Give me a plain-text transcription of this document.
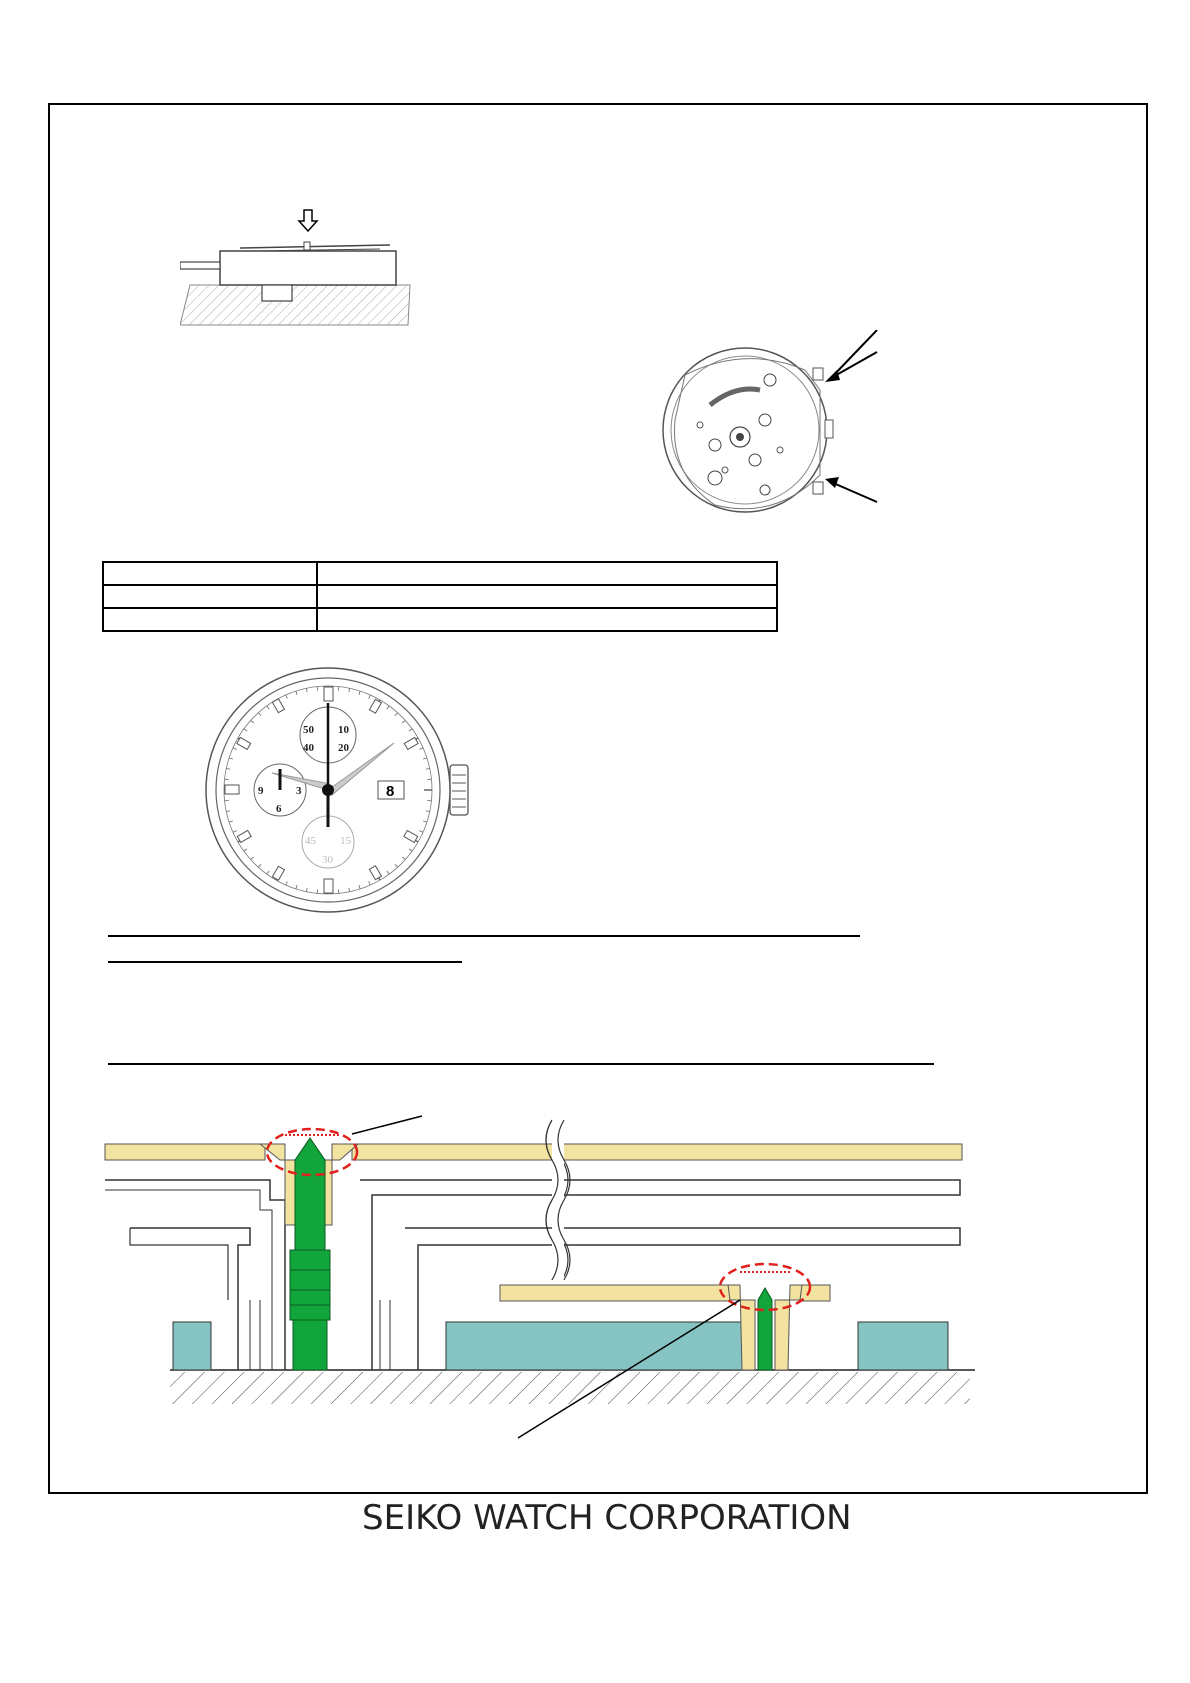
50 10
40 20
9	3
6
45 15
30
8
SEIKO WATCH CORPORATION
